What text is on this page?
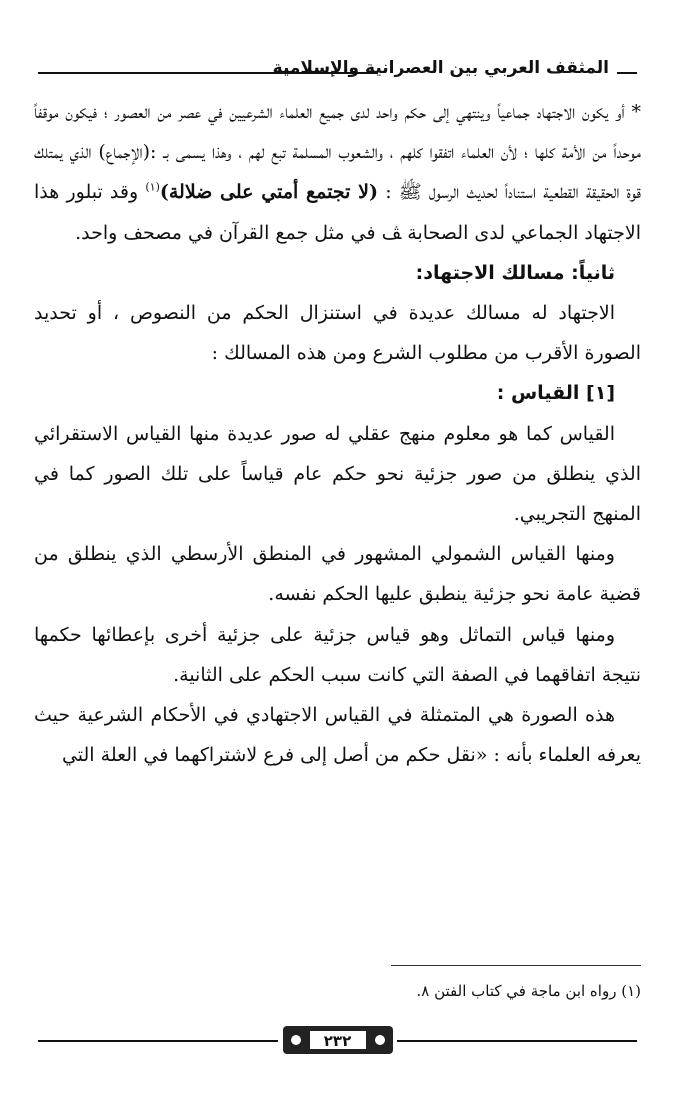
المثقف العربي بين العصرانية والإسلامية

* أو يكون الاجتهاد جماعياً وينتهي إلى حكم واحد لدى جميع العلماء الشرعيين في عصر من العصور ؛ فيكون موقفاً موحداً من الأمة كلها ؛ لأن العلماء اتفقوا كلهم ، والشعوب المسلمة تبع لهم ، وهذا يسمى بـ :(الإجماع) الذي يمتلك قوة الحقيقة القطعية استناداً لحديث الرسول ﷺ : (لا تجتمع أمتي على ضلالة)$^{(١)}$ وقد تبلور هذا الاجتهاد الجماعي لدى الصحابة ﭫ في مثل جمع القرآن في مصحف واحد.

ثانياً: مسالك الاجتهاد:

الاجتهاد له مسالك عديدة في استنزال الحكم من النصوص ، أو تحديد الصورة الأقرب من مطلوب الشرع ومن هذه المسالك :

[١] القياس :

القياس كما هو معلوم منهج عقلي له صور عديدة منها القياس الاستقرائي الذي ينطلق من صور جزئية نحو حكم عام قياساً على تلك الصور كما في المنهج التجريبي.

ومنها القياس الشمولي المشهور في المنطق الأرسطي الذي ينطلق من قضية عامة نحو جزئية ينطبق عليها الحكم نفسه.

ومنها قياس التماثل وهو قياس جزئية على جزئية أخرى بإعطائها حكمها نتيجة اتفاقهما في الصفة التي كانت سبب الحكم على الثانية.

هذه الصورة هي المتمثلة في القياس الاجتهادي في الأحكام الشرعية حيث يعرفه العلماء بأنه : «نقل حكم من أصل إلى فرع لاشتراكهما في العلة التي

(١) رواه ابن ماجة في كتاب الفتن ٨.
٢٣٢
